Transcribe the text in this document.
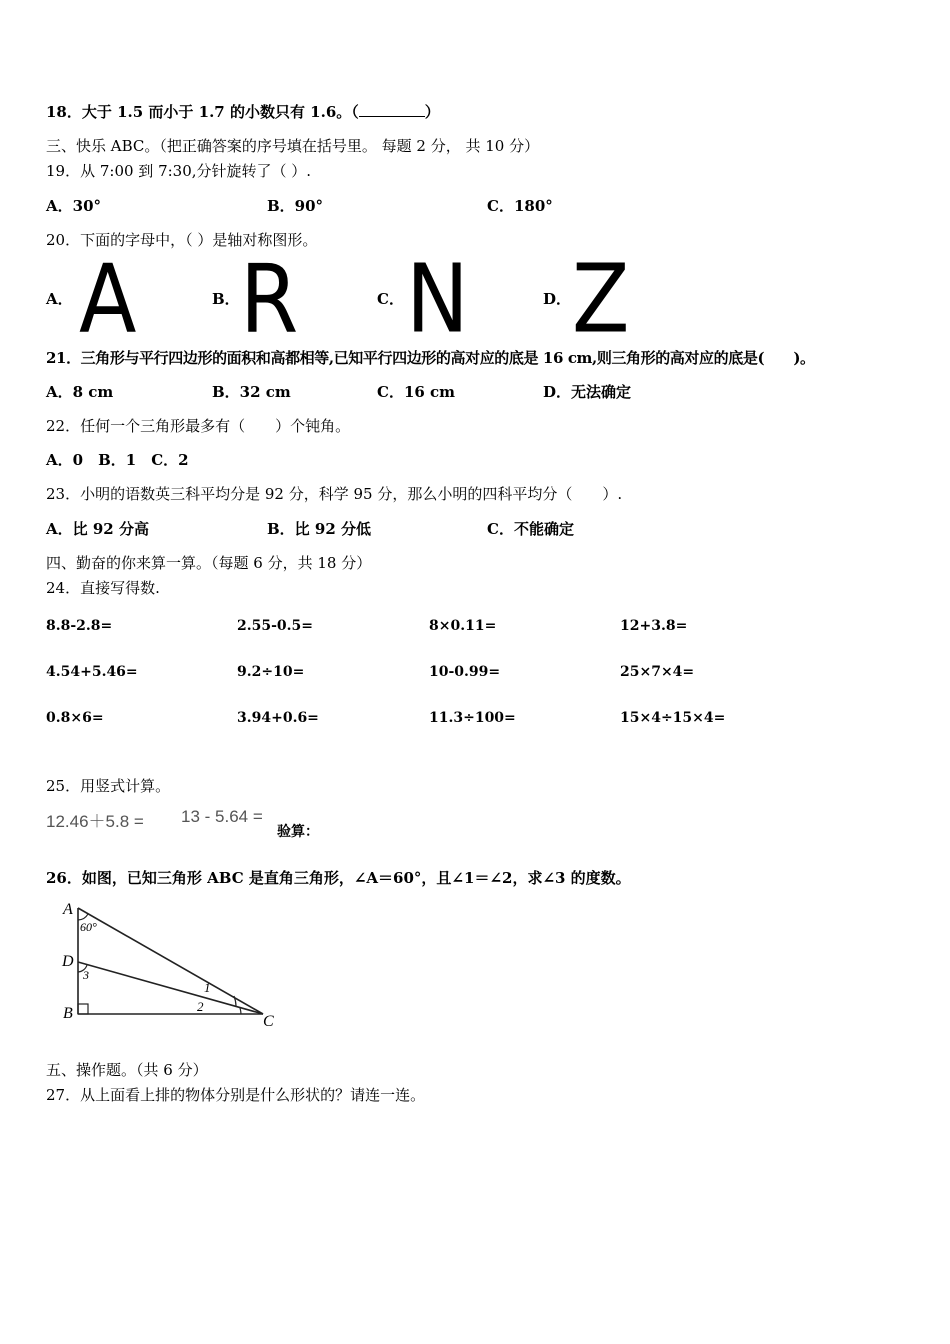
18．大于 1.5 而小于 1.7 的小数只有 1.6。（	）
三、快乐 ABC。（把正确答案的序号填在括号里。 每题 2 分， 共 10 分）
19．从 7:00 到 7:30,分针旋转了（ ）.
A．30°	B．90°	C．180°
20．下面的字母中，（ ）是轴对称图形。
A． A	B． R	C． N	D． Z
21．三角形与平行四边形的面积和高都相等,已知平行四边形的高对应的底是 16 cm,则三角形的高对应的底是(　　)。
A．8 cm	B．32 cm	C．16 cm	D．无法确定
22．任何一个三角形最多有（　　）个钝角。
A．0　B．1　C．2
23．小明的语数英三科平均分是 92 分，科学 95 分，那么小明的四科平均分（　　）.
A．比 92 分高	B．比 92 分低	C．不能确定
四、勤奋的你来算一算。（每题 6 分，共 18 分）
24．直接写得数.
8.8-2.8=	2.55-0.5=	8×0.11=	12+3.8=
4.54+5.46=	9.2÷10=	10-0.99=	25×7×4=
0.8×6=	3.94+0.6=	11.3÷100=	15×4÷15×4=
25．用竖式计算。
12.46＋5.8 = 13 - 5.64 =
验算：
26．如图，已知三角形 ABC 是直角三角形，∠A＝60°，且∠1＝∠2，求∠3 的度数。
A
D
B	C
60°
3
1
2
五、操作题。（共 6 分）
27．从上面看上排的物体分别是什么形状的？请连一连。
